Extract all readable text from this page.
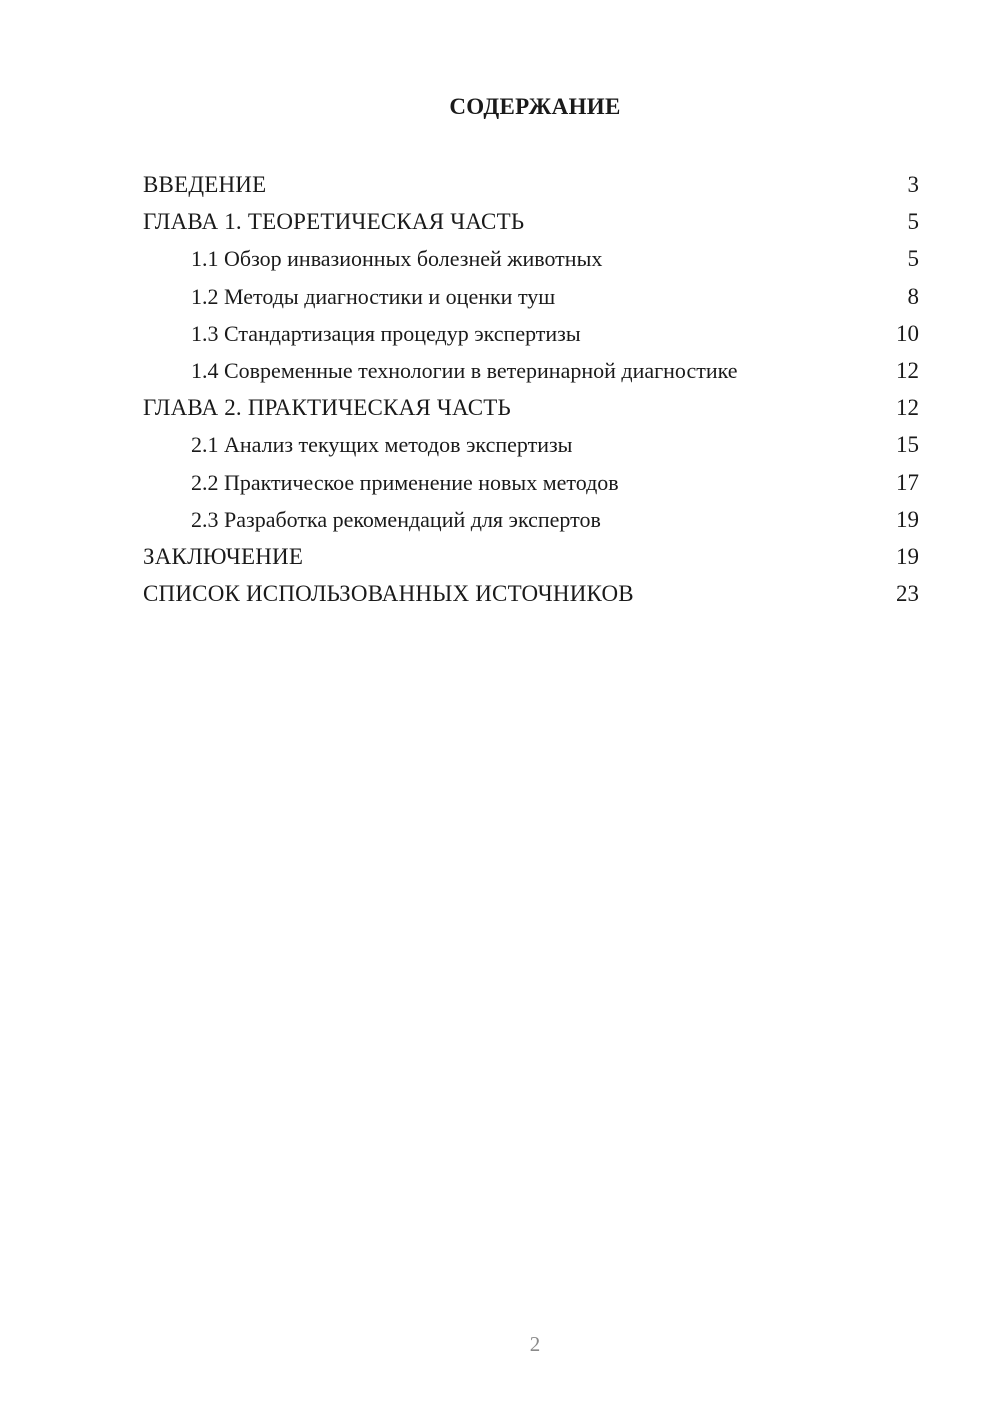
СОДЕРЖАНИЕ
ВВЕДЕНИЕ	3
ГЛАВА 1. ТЕОРЕТИЧЕСКАЯ ЧАСТЬ	5
1.1 Обзор инвазионных болезней животных	5
1.2 Методы диагностики и оценки туш	8
1.3 Стандартизация процедур экспертизы	10
1.4 Современные технологии в ветеринарной диагностике	12
ГЛАВА 2. ПРАКТИЧЕСКАЯ ЧАСТЬ	12
2.1 Анализ текущих методов экспертизы	15
2.2 Практическое применение новых методов	17
2.3 Разработка рекомендаций для экспертов	19
ЗАКЛЮЧЕНИЕ	19
СПИСОК ИСПОЛЬЗОВАННЫХ ИСТОЧНИКОВ	23
2
